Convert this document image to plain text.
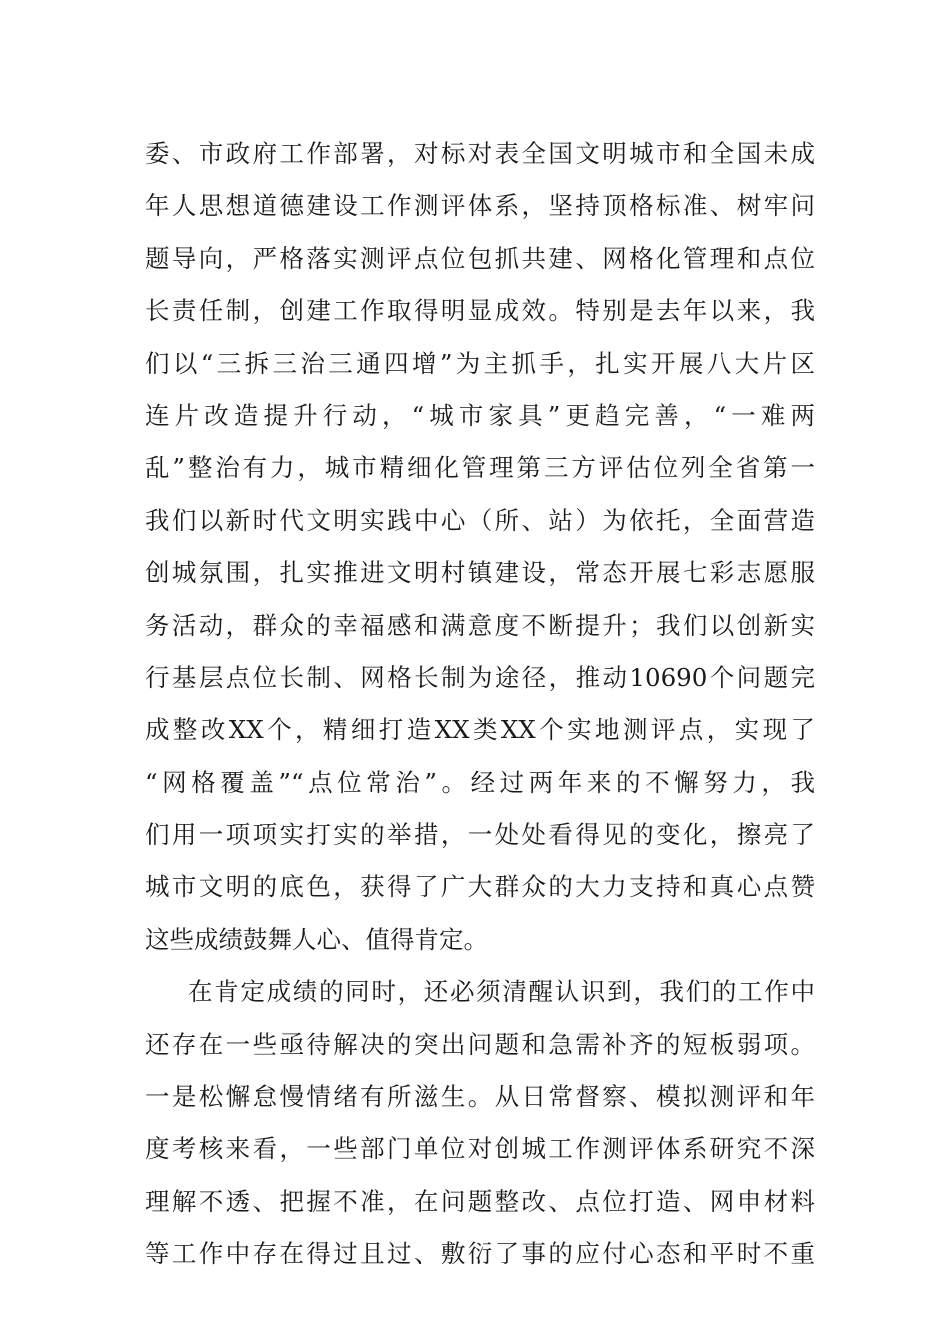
委、市政府工作部署，对标对表全国文明城市和全国未成
年人思想道德建设工作测评体系，坚持顶格标准、树牢问
题导向，严格落实测评点位包抓共建、网格化管理和点位
长责任制，创建工作取得明显成效。特别是去年以来，我
们以“三拆三治三通四增”为主抓手，扎实开展八大片区
连片改造提升行动，“城市家具”更趋完善，“一难两
乱”整治有力，城市精细化管理第三方评估位列全省第一
我们以新时代文明实践中心（所、站）为依托，全面营造
创城氛围，扎实推进文明村镇建设，常态开展七彩志愿服
务活动，群众的幸福感和满意度不断提升；我们以创新实
行基层点位长制、网格长制为途径，推动10690个问题完
成整改XX个，精细打造XX类XX个实地测评点，实现了
“网格覆盖”“点位常治”。经过两年来的不懈努力，我
们用一项项实打实的举措，一处处看得见的变化，擦亮了
城市文明的底色，获得了广大群众的大力支持和真心点赞
这些成绩鼓舞人心、值得肯定。
在肯定成绩的同时，还必须清醒认识到，我们的工作中
还存在一些亟待解决的突出问题和急需补齐的短板弱项。
一是松懈怠慢情绪有所滋生。从日常督察、模拟测评和年
度考核来看，一些部门单位对创城工作测评体系研究不深
理解不透、把握不准，在问题整改、点位打造、网申材料
等工作中存在得过且过、敷衍了事的应付心态和平时不重
